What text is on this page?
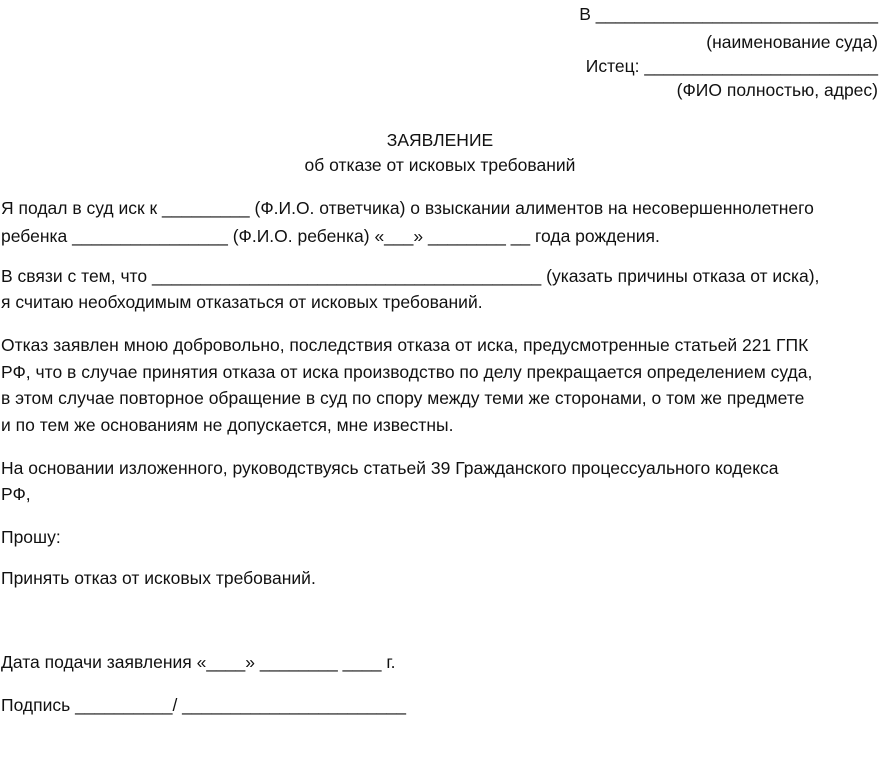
В _____________________________
(наименование суда)
Истец: ________________________
(ФИО полностью, адрес)
ЗАЯВЛЕНИЕ
об отказе от исковых требований
Я подал в суд иск к _________ (Ф.И.О. ответчика) о взыскании алиментов на несовершеннолетнего
ребенка ________________ (Ф.И.О. ребенка) «___» ________ __ года рождения.
В связи с тем, что ________________________________________ (указать причины отказа от иска),
я считаю необходимым отказаться от исковых требований.
Отказ заявлен мною добровольно, последствия отказа от иска, предусмотренные статьей 221 ГПК
РФ, что в случае принятия отказа от иска производство по делу прекращается определением суда,
в этом случае повторное обращение в суд по спору между теми же сторонами, о том же предмете
и по тем же основаниям не допускается, мне известны.
На основании изложенного, руководствуясь статьей 39 Гражданского процессуального кодекса
РФ,
Прошу:
Принять отказ от исковых требований.
Дата подачи заявления «____» ________ ____ г.
Подпись __________/ _______________________
